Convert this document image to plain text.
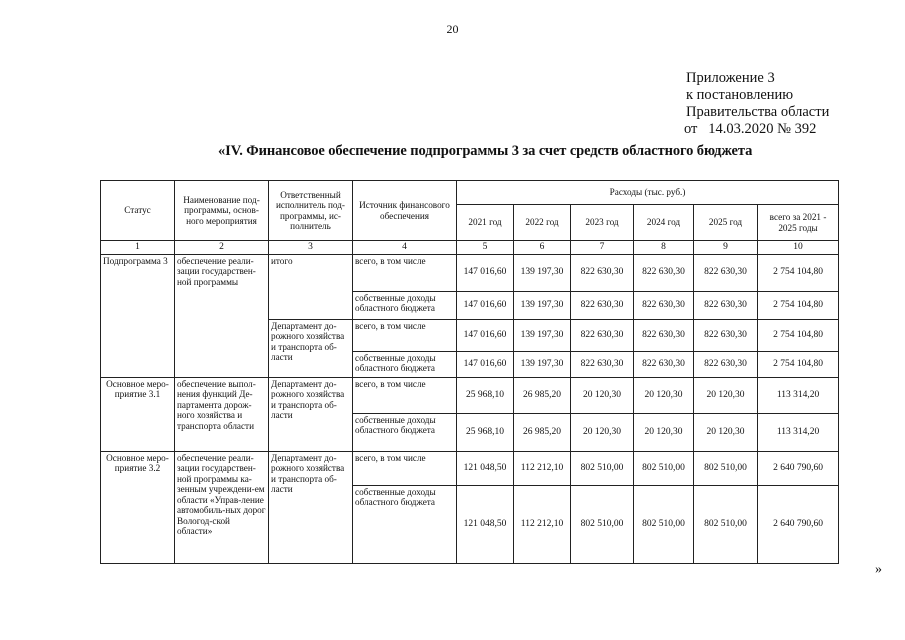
20
Приложение 3
к постановлению
Правительства области
от   14.03.2020 № 392
«IV. Финансовое обеспечение подпрограммы 3 за счет средств областного бюджета
Статус	Наименование под-программы, основ-ного мероприятия	Ответственный исполнитель под-программы, ис-полнитель	Источник финансового обеспечения	Расходы (тыс. руб.)					
				2021 год	2022 год	2023 год	2024 год	2025 год	всего за 2021 - 2025 годы
1	2	3	4	5	6	7	8	9	10
Подпрограмма 3	обеспечение реали-зации государствен-ной программы	итого	всего, в том числе	147 016,60	139 197,30	822 630,30	822 630,30	822 630,30	2 754 104,80
			собственные доходы областного бюджета	147 016,60	139 197,30	822 630,30	822 630,30	822 630,30	2 754 104,80
		Департамент до-рожного хозяйства и транспорта об-ласти	всего, в том числе	147 016,60	139 197,30	822 630,30	822 630,30	822 630,30	2 754 104,80
			собственные доходы областного бюджета	147 016,60	139 197,30	822 630,30	822 630,30	822 630,30	2 754 104,80
Основное меро-приятие 3.1	обеспечение выпол-нения функций Де-партамента дорож-ного хозяйства и транспорта области	Департамент до-рожного хозяйства и транспорта об-ласти	всего, в том числе	25 968,10	26 985,20	20 120,30	20 120,30	20 120,30	113 314,20
			собственные доходы областного бюджета	25 968,10	26 985,20	20 120,30	20 120,30	20 120,30	113 314,20
Основное меро-приятие 3.2	обеспечение реали-зации государствен-ной программы ка-зенным учреждени-ем области «Управ-ление автомобиль-ных дорог Вологод-ской области»	Департамент до-рожного хозяйства и транспорта об-ласти	всего, в том числе	121 048,50	112 212,10	802 510,00	802 510,00	802 510,00	2 640 790,60
			собственные доходы областного бюджета	121 048,50	112 212,10	802 510,00	802 510,00	802 510,00	2 640 790,60
»
